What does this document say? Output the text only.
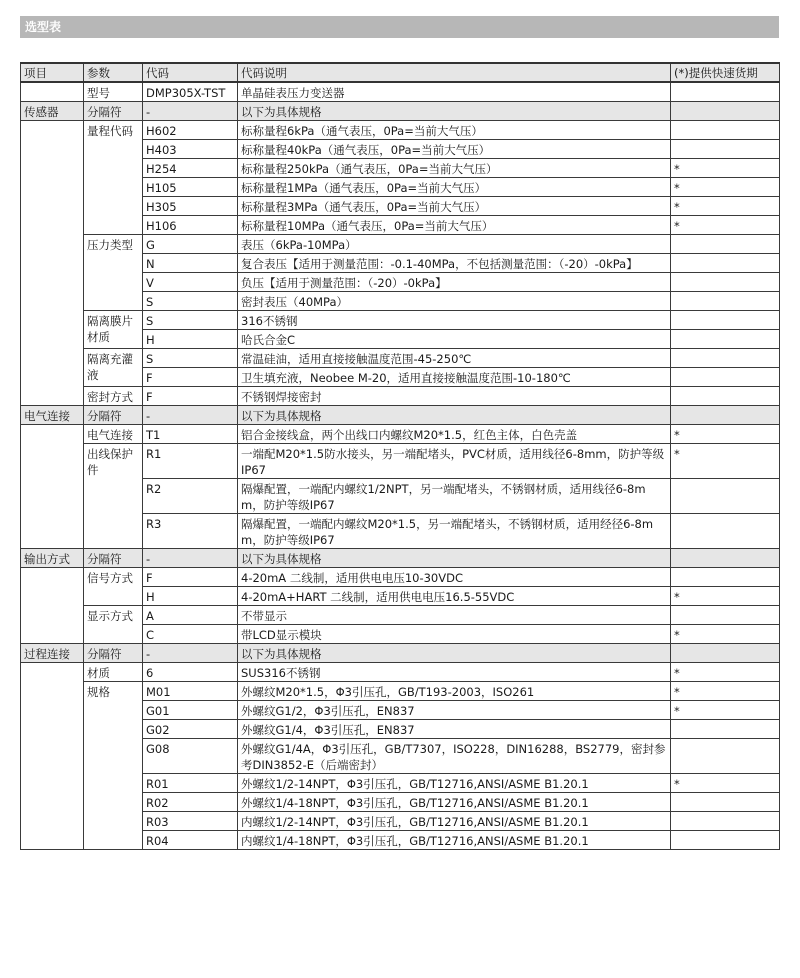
选型表
项目	参数	代码	代码说明	(*)提供快速货期
	型号	DMP305X-TST	单晶硅表压力变送器	
传感器	分隔符	-	以下为具体规格	
	量程代码	H602	标称量程6kPa（通气表压，0Pa=当前大气压）	
		H403	标称量程40kPa（通气表压，0Pa=当前大气压）	
		H254	标称量程250kPa（通气表压，0Pa=当前大气压）	*
		H105	标称量程1MPa（通气表压，0Pa=当前大气压）	*
		H305	标称量程3MPa（通气表压，0Pa=当前大气压）	*
		H106	标称量程10MPa（通气表压，0Pa=当前大气压）	*
	压力类型	G	表压（6kPa-10MPa）	
		N	复合表压【适用于测量范围：-0.1-40MPa，不包括测量范围：（-20）-0kPa】	
		V	负压【适用于测量范围：（-20）-0kPa】	
		S	密封表压（40MPa）	
	隔离膜片材质	S	316不锈钢	
		H	哈氏合金C	
	隔离充灌液	S	常温硅油，适用直接接触温度范围-45-250℃	
		F	卫生填充液，Neobee M-20，适用直接接触温度范围-10-180℃	
	密封方式	F	不锈钢焊接密封	
电气连接	分隔符	-	以下为具体规格	
	电气连接	T1	铝合金接线盒，两个出线口内螺纹M20*1.5，红色主体，白色壳盖	*
	出线保护件	R1	一端配M20*1.5防水接头，另一端配堵头，PVC材质，适用线径6-8mm，防护等级IP67	*
		R2	隔爆配置，一端配内螺纹1/2NPT，另一端配堵头，不锈钢材质，适用线径6-8mm，防护等级IP67	
		R3	隔爆配置，一端配内螺纹M20*1.5，另一端配堵头，不锈钢材质，适用经径6-8mm，防护等级IP67	
输出方式	分隔符	-	以下为具体规格	
	信号方式	F	4-20mA 二线制，适用供电电压10-30VDC	
		H	4-20mA+HART 二线制，适用供电电压16.5-55VDC	*
	显示方式	A	不带显示	
		C	带LCD显示模块	*
过程连接	分隔符	-	以下为具体规格	
	材质	6	SUS316不锈钢	*
	规格	M01	外螺纹M20*1.5，Φ3引压孔，GB/T193-2003，ISO261	*
		G01	外螺纹G1/2，Φ3引压孔，EN837	*
		G02	外螺纹G1/4，Φ3引压孔，EN837	
		G08	外螺纹G1/4A，Φ3引压孔，GB/T7307，ISO228，DIN16288，BS2779，密封参考DIN3852-E（后端密封）	
		R01	外螺纹1/2-14NPT，Φ3引压孔，GB/T12716,ANSI/ASME B1.20.1	*
		R02	外螺纹1/4-18NPT，Φ3引压孔，GB/T12716,ANSI/ASME B1.20.1	
		R03	内螺纹1/2-14NPT，Φ3引压孔，GB/T12716,ANSI/ASME B1.20.1	
		R04	内螺纹1/4-18NPT，Φ3引压孔，GB/T12716,ANSI/ASME B1.20.1	
